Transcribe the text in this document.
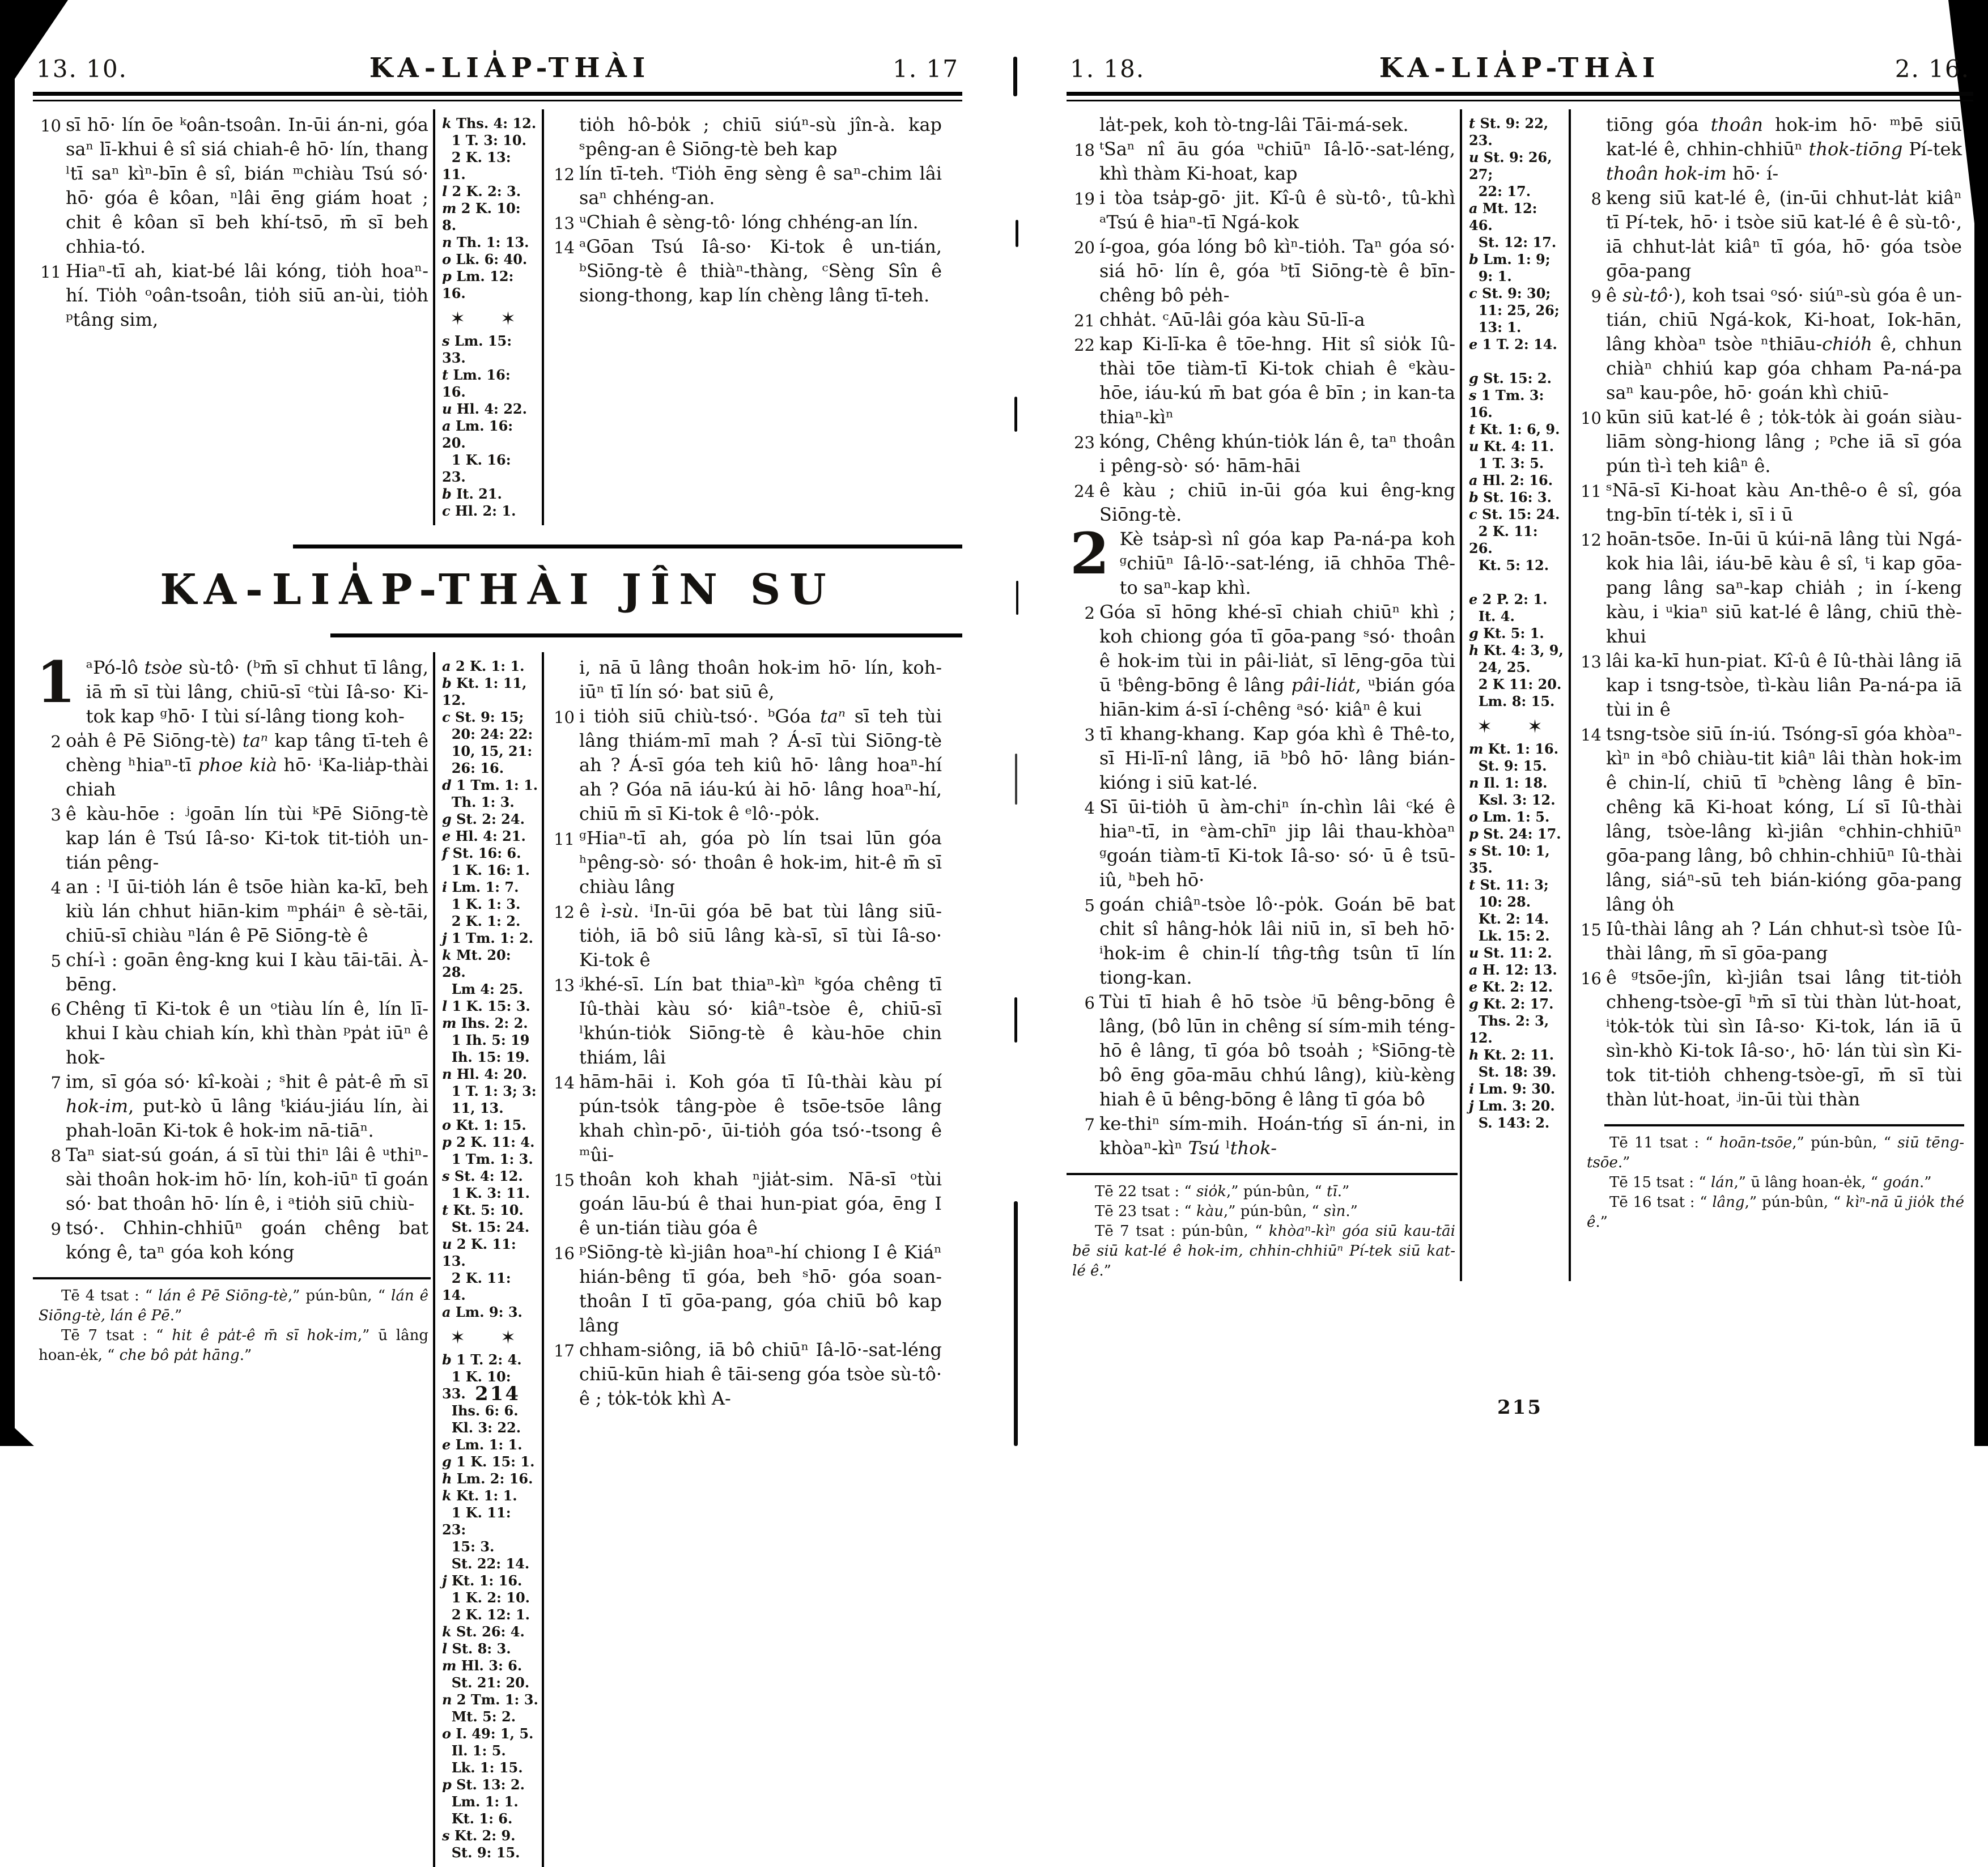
13. 10.	KA-LIA̍P-THÀI	1. 17

10 sī hō· lín ōe ᵏoân-tsoân. In-ūi án-ni, góa saⁿ lī-khui ê sî siá chiah-ê hō· lín, thang ˡtī saⁿ kìⁿ-bīn ê sî, bián ᵐchiàu Tsú só· hō· góa ê kôan, ⁿlâi ēng giám hoat ; chit ê kôan sī beh khí-tsō, m̄ sī beh chhia-tó.

11 Hiaⁿ-tī ah, kiat-bé lâi kóng, tio̍h hoaⁿ-hí. Tio̍h ᵒoân-tsoân, tio̍h siū an-ùi, tio̍h ᵖtâng sim,

k Ths. 4: 12.
1 T. 3: 10.
2 K. 13: 11.
l 2 K. 2: 3.
m 2 K. 10: 8.
n Th. 1: 13.
o Lk. 6: 40.
p Lm. 12: 16.
✶ ✶
s Lm. 15: 33.
t Lm. 16: 16.
u Hl. 4: 22.
a Lm. 16: 20.
1 K. 16: 23.
b It. 21.
c Hl. 2: 1.

tio̍h hô-bo̍k ; chiū siúⁿ-sù jîn-à. kap ˢpêng-an ê Siōng-tè beh kap

12 lín tī-teh. ᵗTio̍h ēng sèng ê saⁿ-chim lâi saⁿ chhéng-an.

13 ᵘChiah ê sèng-tô· lóng chhéng-an lín.

14 ᵃGōan Tsú Iâ-so· Ki-tok ê un-tián, ᵇSiōng-tè ê thiàⁿ-thàng, ᶜSèng Sîn ê siong-thong, kap lín chèng lâng tī-teh.

KA-LIA̍P-THÀI JÎN SU

1 ᵃPó-lô tsòe sù-tô· (ᵇm̄ sī chhut tī lâng, iā m̄ sī tùi lâng, chiū-sī ᶜtùi Iâ-so· Ki-tok kap ᵍhō· I tùi sí-lâng tiong koh-

2 oa̍h ê Pē Siōng-tè) taⁿ kap tâng tī-teh ê chèng ʰhiaⁿ-tī phoe kià hō· ⁱKa-lia̍p-thài chiah

3 ê kàu-hōe : ʲgoān lín tùi ᵏPē Siōng-tè kap lán ê Tsú Iâ-so· Ki-tok tit-tio̍h un-tián pêng-

4 an : ˡI ūi-tio̍h lán ê tsōe hiàn ka-kī, beh kiù lán chhut hiān-kim ᵐpháiⁿ ê sè-tāi, chiū-sī chiàu ⁿlán ê Pē Siōng-tè ê

5 chí-ì : goān êng-kng kui I kàu tāi-tāi. À-bēng.

6 Chêng tī Ki-tok ê un ᵒtiàu lín ê, lín lī-khui I kàu chiah kín, khì thàn ᵖpa̍t iūⁿ ê hok-

7 im, sī góa só· kî-koài ; ˢhit ê pa̍t-ê m̄ sī hok-im, put-kò ū lâng ᵗkiáu-jiáu lín, ài phah-loān Ki-tok ê hok-im nā-tiāⁿ.

8 Taⁿ siat-sú goán, á sī tùi thiⁿ lâi ê ᵘthiⁿ-sài thoân hok-im hō· lín, koh-iūⁿ tī goán só· bat thoân hō· lín ê, i ᵃtio̍h siū chiù-

9 tsó·. Chhin-chhiūⁿ goán chêng bat kóng ê, taⁿ góa koh kóng

Tē 4 tsat : “ lán ê Pē Siōng-tè,” pún-bûn, “ lán ê Siōng-tè, lán ê Pē.”

Tē 7 tsat : “ hit ê pa̍t-ê m̄ sī hok-im,” ū lâng hoan-e̍k, “ che bô pa̍t hāng.”

a 2 K. 1: 1.
b Kt. 1: 11, 12.
c St. 9: 15;
20: 24: 22:
10, 15, 21:
26: 16.
d 1 Tm. 1: 1.
Th. 1: 3.
g St. 2: 24.
e Hl. 4: 21.
f St. 16: 6.
1 K. 16: 1.
i Lm. 1: 7.
1 K. 1: 3.
2 K. 1: 2.
j 1 Tm. 1: 2.
k Mt. 20: 28.
Lm 4: 25.
l 1 K. 15: 3.
m Ihs. 2: 2.
1 Ih. 5: 19
Ih. 15: 19.
n Hl. 4: 20.
1 T. 1: 3; 3:
11, 13.
o Kt. 1: 15.
p 2 K. 11: 4.
1 Tm. 1: 3.
s St. 4: 12.
1 K. 3: 11.
t Kt. 5: 10.
St. 15: 24.
u 2 K. 11: 13.
2 K. 11: 14.
a Lm. 9: 3.
✶ ✶
b 1 T. 2: 4.
1 K. 10: 33.
Ihs. 6: 6.
Kl. 3: 22.
e Lm. 1: 1.
g 1 K. 15: 1.
h Lm. 2: 16.
k Kt. 1: 1.
1 K. 11: 23:
15: 3.
St. 22: 14.
j Kt. 1: 16.
1 K. 2: 10.
2 K. 12: 1.
k St. 26: 4.
l St. 8: 3.
m Hl. 3: 6.
St. 21: 20.
n 2 Tm. 1: 3.
Mt. 5: 2.
o I. 49: 1, 5.
Il. 1: 5.
Lk. 1: 15.
p St. 13: 2.
Lm. 1: 1.
Kt. 1: 6.
s Kt. 2: 9.
St. 9: 15.

i, nā ū lâng thoân hok-im hō· lín, koh-iūⁿ tī lín só· bat siū ê,

10 i tio̍h siū chiù-tsó·. ᵇGóa taⁿ sī teh tùi lâng thiám-mī mah ? Á-sī tùi Siōng-tè ah ? Á-sī góa teh kiû hō· lâng hoaⁿ-hí ah ? Góa nā iáu-kú ài hō· lâng hoaⁿ-hí, chiū m̄ sī Ki-tok ê ᵉlô·-po̍k.

11 ᵍHiaⁿ-tī ah, góa pò lín tsai lūn góa ʰpêng-sò· só· thoân ê hok-im, hit-ê m̄ sī chiàu lâng

12 ê ì-sù. ⁱIn-ūi góa bē bat tùi lâng siū-tio̍h, iā bô siū lâng kà-sī, sī tùi Iâ-so· Ki-tok ê

13 ʲkhé-sī. Lín bat thiaⁿ-kìⁿ ᵏgóa chêng tī Iû-thài kàu só· kiâⁿ-tsòe ê, chiū-sī ˡkhún-tio̍k Siōng-tè ê kàu-hōe chin thiám, lâi

14 hām-hāi i. Koh góa tī Iû-thài kàu pí pún-tso̍k tâng-pòe ê tsōe-tsōe lâng khah chìn-pō·, ūi-tio̍h góa tsó·-tsong ê ᵐûi-

15 thoân koh khah ⁿjia̍t-sim. Nā-sī ᵒtùi goán lāu-bú ê thai hun-piat góa, ēng I ê un-tián tiàu góa ê

16 ᵖSiōng-tè kì-jiân hoaⁿ-hí chiong I ê Kiáⁿ hián-bêng tī góa, beh ˢhō· góa soan-thoân I tī gōa-pang, góa chiū bô kap lâng

17 chham-siông, iā bô chiūⁿ Iâ-lō·-sat-léng chiū-kūn hiah ê tāi-seng góa tsòe sù-tô· ê ; to̍k-to̍k khì A-

214
1. 18.	KA-LIA̍P-THÀI	2. 16.

la̍t-pek, koh tò-tng-lâi Tāi-má-sek.

18 ᵗSaⁿ nî āu góa ᵘchiūⁿ Iâ-lō·-sat-léng, khì thàm Ki-hoat, kap

19 i tòa tsa̍p-gō· jit. Kî-û ê sù-tô·, tû-khì ᵃTsú ê hiaⁿ-tī Ngá-kok

20 í-goa, góa lóng bô kìⁿ-tio̍h. Taⁿ góa só· siá hō· lín ê, góa ᵇtī Siōng-tè ê bīn-chêng bô pe̍h-

21 chha̍t. ᶜAū-lâi góa kàu Sū-lī-a

22 kap Ki-lī-ka ê tōe-hng. Hit sî sio̍k Iû-thài tōe tiàm-tī Ki-tok chiah ê ᵉkàu-hōe, iáu-kú m̄ bat góa ê bīn ; in kan-ta thiaⁿ-kìⁿ

23 kóng, Chêng khún-tio̍k lán ê, taⁿ thoân i pêng-sò· só· hām-hāi

24 ê kàu ; chiū in-ūi góa kui êng-kng Siōng-tè.

2 Kè tsa̍p-sì nî góa kap Pa-ná-pa koh ᵍchiūⁿ Iâ-lō·-sat-léng, iā chhōa Thê-to saⁿ-kap khì.

2 Góa sī hōng khé-sī chiah chiūⁿ khì ; koh chiong góa tī gōa-pang ˢsó· thoân ê hok-im tùi in pâi-lia̍t, sī lēng-gōa tùi ū ᵗbêng-bōng ê lâng pâi-lia̍t, ᵘbián góa hiān-kim á-sī í-chêng ᵃsó· kiâⁿ ê kui

3 tī khang-khang. Kap góa khì ê Thê-to, sī Hi-lī-nî lâng, iā ᵇbô hō· lâng bián-kióng i siū kat-lé.

4 Sī ūi-tio̍h ū àm-chiⁿ ín-chìn lâi ᶜké ê hiaⁿ-tī, in ᵉàm-chīⁿ jip lâi thau-khòaⁿ ᵍgoán tiàm-tī Ki-tok Iâ-so· só· ū ê tsū-iû, ʰbeh hō·

5 goán chiâⁿ-tsòe lô·-po̍k. Goán bē bat chi̍t sî hâng-ho̍k lâi niū in, sī beh hō· ⁱhok-im ê chin-lí tn̂g-tn̂g tsûn tī lín tiong-kan.

6 Tùi tī hiah ê hō tsòe ʲū bêng-bōng ê lâng, (bô lūn in chêng sí sím-mih téng-hō ê lâng, tī góa bô tsoa̍h ; ᵏSiōng-tè bô ēng gōa-māu chhú lâng), kiù-kèng hiah ê ū bêng-bōng ê lâng tī góa bô

7 ke-thiⁿ sím-mih. Hoán-tńg sī án-ni, in khòaⁿ-kìⁿ Tsú ˡthok-

Tē 22 tsat : “ sio̍k,” pún-bûn, “ tī.”

Tē 23 tsat : “ kàu,” pún-bûn, “ sìn.”

Tē 7 tsat : pún-bûn, “ khòaⁿ-kìⁿ góa siū kau-tāi bē siū kat-lé ê hok-im, chhin-chhiūⁿ Pí-tek siū kat-lé ê.”

t St. 9: 22, 23.
u St. 9: 26, 27;
22: 17.
a Mt. 12: 46.
St. 12: 17.
b Lm. 1: 9;
9: 1.
c St. 9: 30;
11: 25, 26;
13: 1.
e 1 T. 2: 14.
g St. 15: 2.
s 1 Tm. 3: 16.
t Kt. 1: 6, 9.
u Kt. 4: 11.
1 T. 3: 5.
a Hl. 2: 16.
b St. 16: 3.
c St. 15: 24.
2 K. 11: 26.
Kt. 5: 12.
e 2 P. 2: 1.
It. 4.
g Kt. 5: 1.
h Kt. 4: 3, 9,
24, 25.
2 K 11: 20.
Lm. 8: 15.
✶ ✶
m Kt. 1: 16.
St. 9: 15.
n Il. 1: 18.
Ksl. 3: 12.
o Lm. 1: 5.
p St. 24: 17.
s St. 10: 1, 35.
t St. 11: 3;
10: 28.
Kt. 2: 14.
Lk. 15: 2.
u St. 11: 2.
a H. 12: 13.
e Kt. 2: 12.
g Kt. 2: 17.
Ths. 2: 3, 12.
h Kt. 2: 11.
St. 18: 39.
i Lm. 9: 30.
j Lm. 3: 20.
S. 143: 2.

tiōng góa thoân hok-im hō· ᵐbē siū kat-lé ê, chhin-chhiūⁿ thok-tiōng Pí-tek thoân hok-im hō· í-

8 keng siū kat-lé ê, (in-ūi chhut-la̍t kiâⁿ tī Pí-tek, hō· i tsòe siū kat-lé ê ê sù-tô·, iā chhut-la̍t kiâⁿ tī góa, hō· góa tsòe gōa-pang

9 ê sù-tô·), koh tsai ᵒsó· siúⁿ-sù góa ê un-tián, chiū Ngá-kok, Ki-hoat, Iok-hān, lâng khòaⁿ tsòe ⁿthiāu-chio̍h ê, chhun chiàⁿ chhiú kap góa chham Pa-ná-pa saⁿ kau-pôe, hō· goán khì chiū-

10 kūn siū kat-lé ê ; to̍k-to̍k ài goán siàu-liām sòng-hiong lâng ; ᵖche iā sī góa pún tì-ì teh kiâⁿ ê.

11 ˢNā-sī Ki-hoat kàu An-thê-o ê sî, góa tng-bīn tí-te̍k i, sī i ū

12 hoān-tsōe. In-ūi ū kúi-nā lâng tùi Ngá-kok hia lâi, iáu-bē kàu ê sî, ᵗi kap gōa-pang lâng saⁿ-kap chia̍h ; in í-keng kàu, i ᵘkiaⁿ siū kat-lé ê lâng, chiū thè-khui

13 lâi ka-kī hun-piat. Kî-û ê Iû-thài lâng iā kap i tsng-tsòe, tì-kàu liân Pa-ná-pa iā tùi in ê

14 tsng-tsòe siū ín-iú. Tsóng-sī góa khòaⁿ-kìⁿ in ᵃbô chiàu-tit kiâⁿ lâi thàn hok-im ê chin-lí, chiū tī ᵇchèng lâng ê bīn-chêng kā Ki-hoat kóng, Lí sī Iû-thài lâng, tsòe-lâng kì-jiân ᵉchhin-chhiūⁿ gōa-pang lâng, bô chhin-chhiūⁿ Iû-thài lâng, siáⁿ-sū teh bián-kióng gōa-pang lâng o̍h

15 Iû-thài lâng ah ? Lán chhut-sì tsòe Iû-thài lâng, m̄ sī gōa-pang

16 ê ᵍtsōe-jîn, kì-jiân tsai lâng tit-tio̍h chheng-tsòe-gī ʰm̄ sī tùi thàn lu̍t-hoat, ⁱto̍k-to̍k tùi sìn Iâ-so· Ki-tok, lán iā ū sìn-khò Ki-tok Iâ-so·, hō· lán tùi sìn Ki-tok tit-tio̍h chheng-tsòe-gī, m̄ sī tùi thàn lu̍t-hoat, ʲin-ūi tùi thàn

Tē 11 tsat : “ hoān-tsōe,” pún-bûn, “ siū tēng-tsōe.”

Tē 15 tsat : “ lán,” ū lâng hoan-e̍k, “ goán.”

Tē 16 tsat : “ lâng,” pún-bûn, “ kìⁿ-nā ū jio̍k thé ê.”

215
